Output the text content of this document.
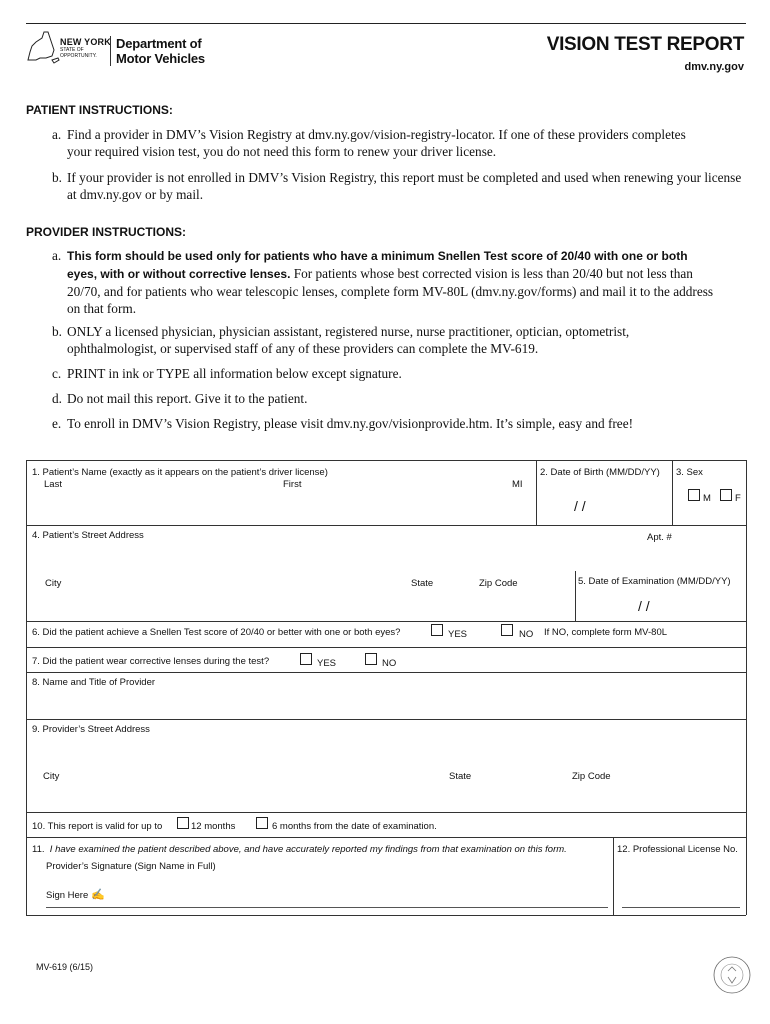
NEW YORK
STATE OF
OPPORTUNITY.
Department of
Motor Vehicles
VISION TEST REPORT
dmv.ny.gov
PATIENT INSTRUCTIONS:
a. Find a provider in DMV’s Vision Registry at dmv.ny.gov/vision-registry-locator. If one of these providers completes
your required vision test, you do not need this form to renew your driver license.
b. If your provider is not enrolled in DMV’s Vision Registry, this report must be completed and used when renewing your license
at dmv.ny.gov or by mail.
PROVIDER INSTRUCTIONS:
a. This form should be used only for patients who have a minimum Snellen Test score of 20/40 with one or both
eyes, with or without corrective lenses. For patients whose best corrected vision is less than 20/40 but not less than
20/70, and for patients who wear telescopic lenses, complete form MV-80L (dmv.ny.gov/forms) and mail it to the address
on that form.
b. ONLY a licensed physician, physician assistant, registered nurse, nurse practitioner, optician, optometrist,
ophthalmologist, or supervised staff of any of these providers can complete the MV-619.
c. PRINT in ink or TYPE all information below except signature.
d. Do not mail this report. Give it to the patient.
e. To enroll in DMV’s Vision Registry, please visit dmv.ny.gov/visionprovide.htm. It’s simple, easy and free!
1. Patient’s Name (exactly as it appears on the patient’s driver license)
Last	First	MI
2. Date of Birth (MM/DD/YY)
/ /
3. Sex
M	F
4. Patient’s Street Address	Apt. #
City	State	Zip Code	5. Date of Examination (MM/DD/YY)
/ /
6. Did the patient achieve a Snellen Test score of 20/40 or better with one or both eyes?	YES	NO If NO, complete form MV-80L
7. Did the patient wear corrective lenses during the test?	YES	NO
8. Name and Title of Provider
9. Provider’s Street Address
City	State	Zip Code
10. This report is valid for up to	12 months	6 months from the date of examination.
11. I have examined the patient described above, and have accurately reported my findings from that examination on this form.
Provider’s Signature (Sign Name in Full)
Sign Here ✍
12. Professional License No.
MV-619 (6/15)
